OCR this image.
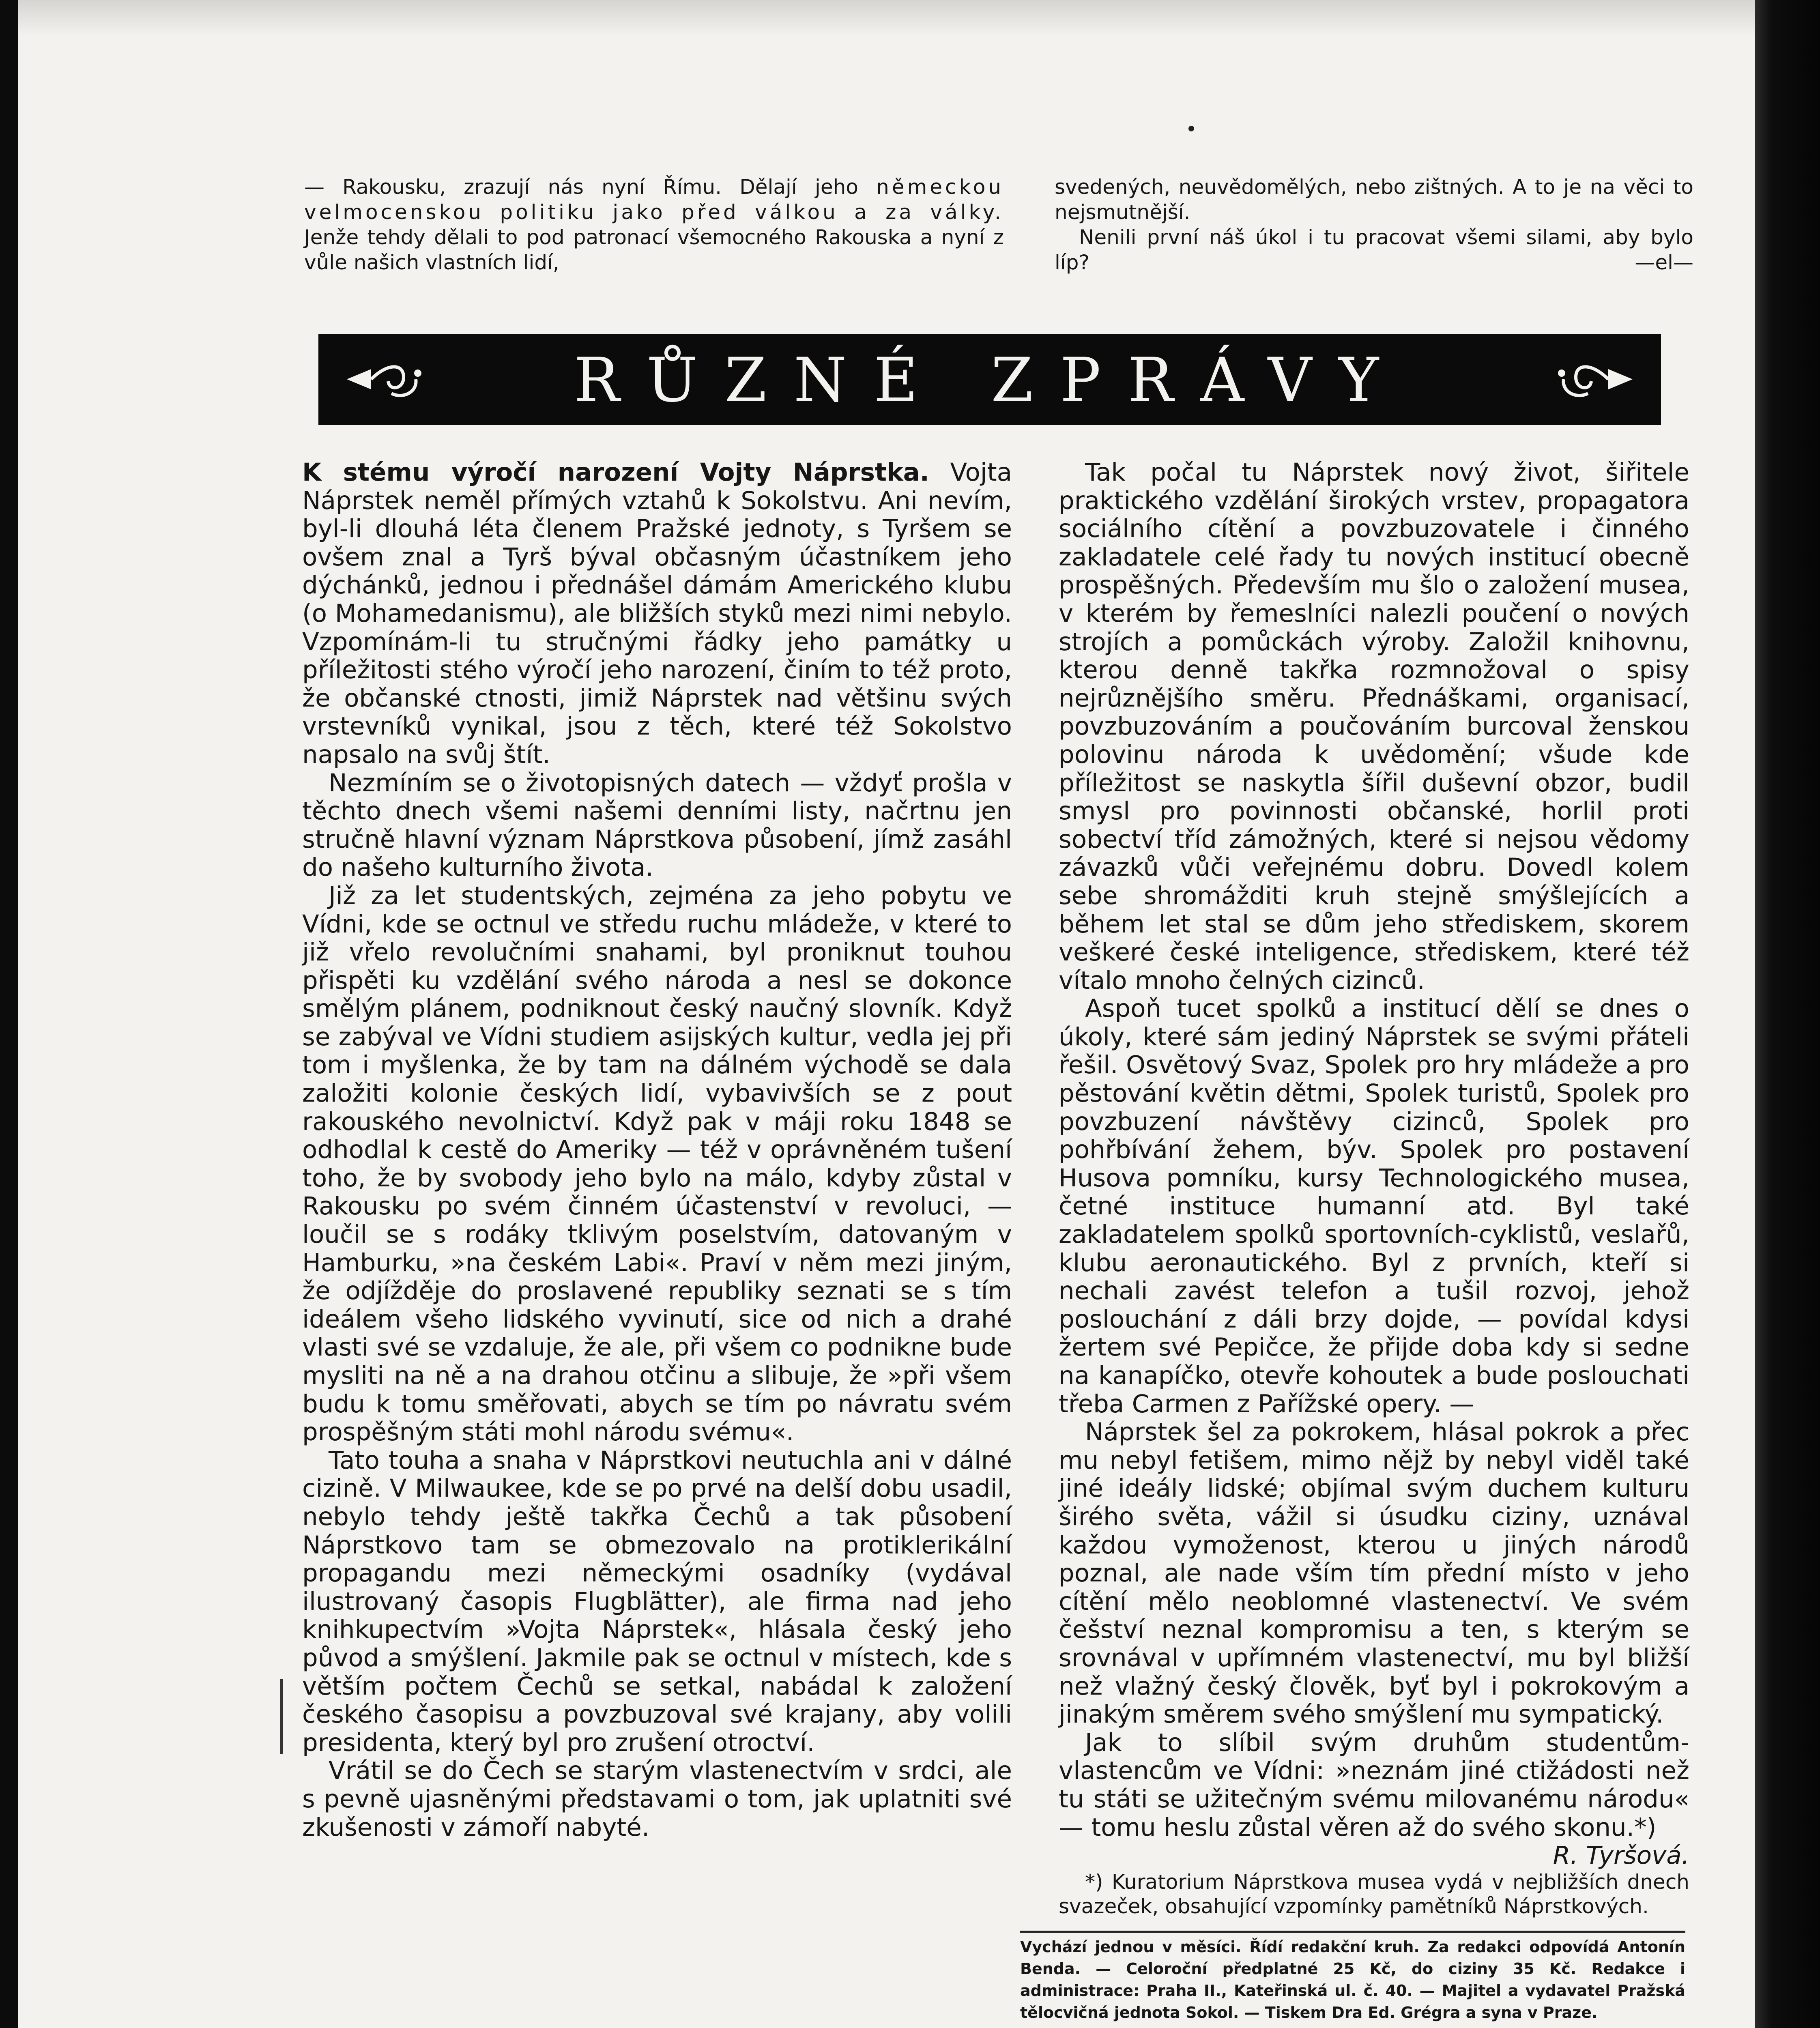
— Rakousku, zrazují nás nyní Římu. Dělají jeho německou velmocenskou politiku jako před válkou a za války. Jenže tehdy dělali to pod patronací všemocného Rakouska a nyní z vůle našich vlastních lidí,

svedených, neuvědomělých, nebo zištných. A to je na věci to nejsmutnější.

Nenili první náš úkol i tu pracovat všemi silami, aby bylo líp?	—el—

RŮZNÉ ZPRÁVY

K stému výročí narození Vojty Náprstka. Vojta Náprstek neměl přímých vztahů k Sokolstvu. Ani nevím, byl-li dlouhá léta členem Pražské jednoty, s Tyršem se ovšem znal a Tyrš býval občasným účastníkem jeho dýchánků, jednou i přednášel dámám Amerického klubu (o Mohamedanismu), ale bližších styků mezi nimi nebylo. Vzpomínám-li tu stručnými řádky jeho památky u příležitosti stého výročí jeho narození, činím to též proto, že občanské ctnosti, jimiž Náprstek nad většinu svých vrstevníků vynikal, jsou z těch, které též Sokolstvo napsalo na svůj štít.

Nezmíním se o životopisných datech — vždyť prošla v těchto dnech všemi našemi denními listy, načrtnu jen stručně hlavní význam Náprstkova působení, jímž zasáhl do našeho kulturního života.

Již za let studentských, zejména za jeho pobytu ve Vídni, kde se octnul ve středu ruchu mládeže, v které to již vřelo revolučními snahami, byl proniknut touhou přispěti ku vzdělání svého národa a nesl se dokonce smělým plánem, podniknout český naučný slovník. Když se zabýval ve Vídni studiem asijských kultur, vedla jej při tom i myšlenka, že by tam na dálném východě se dala založiti kolonie českých lidí, vybavivších se z pout rakouského nevolnictví. Když pak v máji roku 1848 se odhodlal k cestě do Ameriky — též v oprávněném tušení toho, že by svobody jeho bylo na málo, kdyby zůstal v Rakousku po svém činném účastenství v revoluci, — loučil se s rodáky tklivým poselstvím, datovaným v Hamburku, »na českém Labi«. Praví v něm mezi jiným, že odjížděje do proslavené republiky seznati se s tím ideálem všeho lidského vyvinutí, sice od nich a drahé vlasti své se vzdaluje, že ale, při všem co podnikne bude mysliti na ně a na drahou otčinu a slibuje, že »při všem budu k tomu směřovati, abych se tím po návratu svém prospěšným státi mohl národu svému«.

Tato touha a snaha v Náprstkovi neutuchla ani v dálné cizině. V Milwaukee, kde se po prvé na delší dobu usadil, nebylo tehdy ještě takřka Čechů a tak působení Náprstkovo tam se obmezovalo na protiklerikální propagandu mezi německými osadníky (vydával ilustrovaný časopis Flugblätter), ale firma nad jeho knihkupectvím »Vojta Náprstek«, hlásala český jeho původ a smýšlení. Jakmile pak se octnul v místech, kde s větším počtem Čechů se setkal, nabádal k založení českého časopisu a povzbuzoval své krajany, aby volili presidenta, který byl pro zrušení otroctví.

Vrátil se do Čech se starým vlastenectvím v srdci, ale s pevně ujasněnými představami o tom, jak uplatniti své zkušenosti v zámoří nabyté.

Tak počal tu Náprstek nový život, šiřitele praktického vzdělání širokých vrstev, propagatora sociálního cítění a povzbuzovatele i činného zakladatele celé řady tu nových institucí obecně prospěšných. Především mu šlo o založení musea, v kterém by řemeslníci nalezli poučení o nových strojích a pomůckách výroby. Založil knihovnu, kterou denně takřka rozmnožoval o spisy nejrůznějšího směru. Přednáškami, organisací, povzbuzováním a poučováním burcoval ženskou polovinu národa k uvědomění; všude kde příležitost se naskytla šířil duševní obzor, budil smysl pro povinnosti občanské, horlil proti sobectví tříd zámožných, které si nejsou vědomy závazků vůči veřejnému dobru. Dovedl kolem sebe shromážditi kruh stejně smýšlejících a během let stal se dům jeho střediskem, skorem veškeré české inteligence, střediskem, které též vítalo mnoho čelných cizinců.

Aspoň tucet spolků a institucí dělí se dnes o úkoly, které sám jediný Náprstek se svými přáteli řešil. Osvětový Svaz, Spolek pro hry mládeže a pro pěstování květin dětmi, Spolek turistů, Spolek pro povzbuzení návštěvy cizinců, Spolek pro pohřbívání žehem, býv. Spolek pro postavení Husova pomníku, kursy Technologického musea, četné instituce humanní atd. Byl také zakladatelem spolků sportovních-cyklistů, veslařů, klubu aeronautického. Byl z prvních, kteří si nechali zavést telefon a tušil rozvoj, jehož poslouchání z dáli brzy dojde, — povídal kdysi žertem své Pepičce, že přijde doba kdy si sedne na kanapíčko, otevře kohoutek a bude poslouchati třeba Carmen z Pařížské opery. —

Náprstek šel za pokrokem, hlásal pokrok a přec mu nebyl fetišem, mimo nějž by nebyl viděl také jiné ideály lidské; objímal svým duchem kulturu širého světa, vážil si úsudku ciziny, uznával každou vymoženost, kterou u jiných národů poznal, ale nade vším tím přední místo v jeho cítění mělo neoblomné vlastenectví. Ve svém češství neznal kompromisu a ten, s kterým se srovnával v upřímném vlastenectví, mu byl bližší než vlažný český člověk, byť byl i pokrokovým a jinakým směrem svého smýšlení mu sympatický.

Jak to slíbil svým druhům studentům-vlastencům ve Vídni: »neznám jiné ctižádosti než tu státi se užitečným svému milovanému národu« — tomu heslu zůstal věren až do svého skonu.*)

R. Tyršová.

*) Kuratorium Náprstkova musea vydá v nejbližších dnech svazeček, obsahující vzpomínky pamětníků Náprstkových.

Vychází jednou v měsíci. Řídí redakční kruh. Za redakci odpovídá Antonín Benda. — Celoroční předplatné 25 Kč, do ciziny 35 Kč. Redakce i administrace: Praha II., Kateřinská ul. č. 40. — Majitel a vydavatel Pražská tělocvičná jednota Sokol. — Tiskem Dra Ed. Grégra a syna v Praze.
